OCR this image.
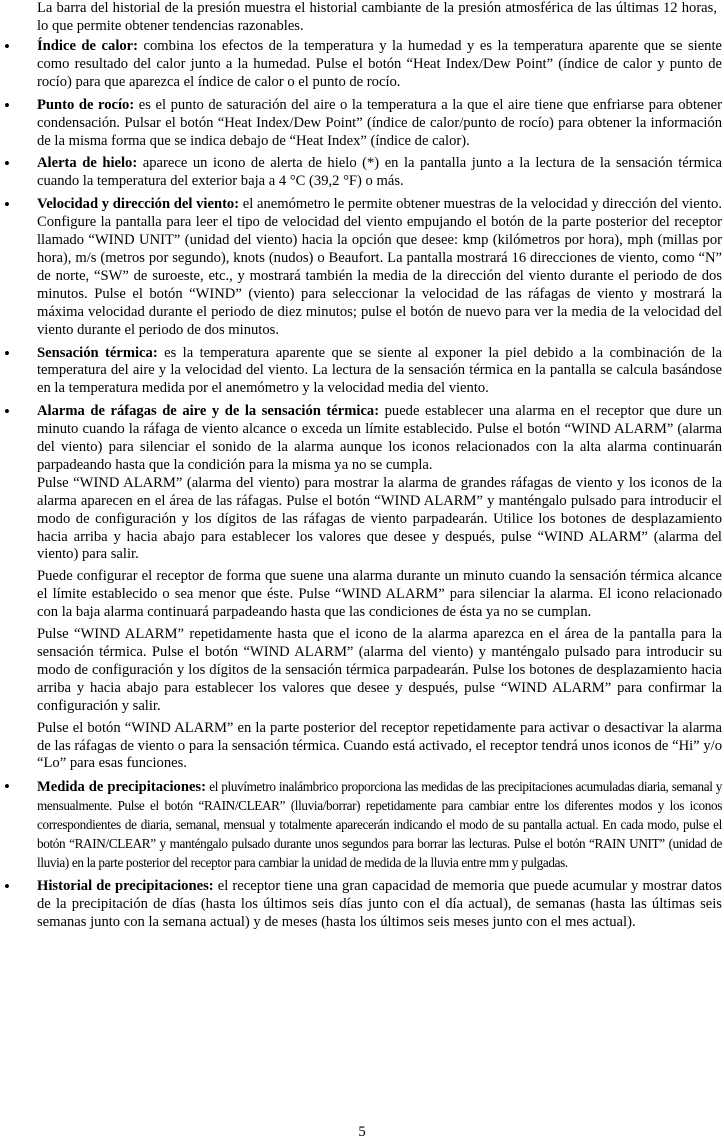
La barra del historial de la presión muestra el historial cambiante de la presión atmosférica de las últimas 12 horas, lo que permite obtener tendencias razonables.

• Índice de calor: combina los efectos de la temperatura y la humedad y es la temperatura aparente que se siente como resultado del calor junto a la humedad. Pulse el botón “Heat Index/Dew Point” (índice de calor y punto de rocío) para que aparezca el índice de calor o el punto de rocío.

• Punto de rocío: es el punto de saturación del aire o la temperatura a la que el aire tiene que enfriarse para obtener condensación. Pulsar el botón “Heat Index/Dew Point” (índice de calor/punto de rocío) para obtener la información de la misma forma que se indica debajo de “Heat Index” (índice de calor).

• Alerta de hielo: aparece un icono de alerta de hielo (*) en la pantalla junto a la lectura de la sensación térmica cuando la temperatura del exterior baja a 4 °C (39,2 °F) o más.

• Velocidad y dirección del viento: el anemómetro le permite obtener muestras de la velocidad y dirección del viento. Configure la pantalla para leer el tipo de velocidad del viento empujando el botón de la parte posterior del receptor llamado “WIND UNIT” (unidad del viento) hacia la opción que desee: kmp (kilómetros por hora), mph (millas por hora), m/s (metros por segundo), knots (nudos) o Beaufort. La pantalla mostrará 16 direcciones de viento, como “N” de norte, “SW” de suroeste, etc., y mostrará también la media de la dirección del viento durante el periodo de dos minutos. Pulse el botón “WIND” (viento) para seleccionar la velocidad de las ráfagas de viento y mostrará la máxima velocidad durante el periodo de diez minutos; pulse el botón de nuevo para ver la media de la velocidad del viento durante el periodo de dos minutos.

• Sensación térmica: es la temperatura aparente que se siente al exponer la piel debido a la combinación de la temperatura del aire y la velocidad del viento. La lectura de la sensación térmica en la pantalla se calcula basándose en la temperatura medida por el anemómetro y la velocidad media del viento.

• Alarma de ráfagas de aire y de la sensación térmica: puede establecer una alarma en el receptor que dure un minuto cuando la ráfaga de viento alcance o exceda un límite establecido. Pulse el botón “WIND ALARM” (alarma del viento) para silenciar el sonido de la alarma aunque los iconos relacionados con la alta alarma continuarán parpadeando hasta que la condición para la misma ya no se cumpla.

Pulse “WIND ALARM” (alarma del viento) para mostrar la alarma de grandes ráfagas de viento y los iconos de la alarma aparecen en el área de las ráfagas. Pulse el botón “WIND ALARM” y manténgalo pulsado para introducir el modo de configuración y los dígitos de las ráfagas de viento parpadearán. Utilice los botones de desplazamiento hacia arriba y hacia abajo para establecer los valores que desee y después, pulse “WIND ALARM” (alarma del viento) para salir.

Puede configurar el receptor de forma que suene una alarma durante un minuto cuando la sensación térmica alcance el límite establecido o sea menor que éste. Pulse “WIND ALARM” para silenciar la alarma. El icono relacionado con la baja alarma continuará parpadeando hasta que las condiciones de ésta ya no se cumplan.

Pulse “WIND ALARM” repetidamente hasta que el icono de la alarma aparezca en el área de la pantalla para la sensación térmica. Pulse el botón “WIND ALARM” (alarma del viento) y manténgalo pulsado para introducir su modo de configuración y los dígitos de la sensación térmica parpadearán. Pulse los botones de desplazamiento hacia arriba y hacia abajo para establecer los valores que desee y después, pulse “WIND ALARM” para confirmar la configuración y salir.

Pulse el botón “WIND ALARM” en la parte posterior del receptor repetidamente para activar o desactivar la alarma de las ráfagas de viento o para la sensación térmica. Cuando está activado, el receptor tendrá unos iconos de “Hi” y/o “Lo” para esas funciones.

• Medida de precipitaciones: el pluvímetro inalámbrico proporciona las medidas de las precipitaciones acumuladas diaria, semanal y mensualmente. Pulse el botón “RAIN/CLEAR” (lluvia/borrar) repetidamente para cambiar entre los diferentes modos y los iconos correspondientes de diaria, semanal, mensual y totalmente aparecerán indicando el modo de su pantalla actual. En cada modo, pulse el botón “RAIN/CLEAR” y manténgalo pulsado durante unos segundos para borrar las lecturas. Pulse el botón “RAIN UNIT” (unidad de lluvia) en la parte posterior del receptor para cambiar la unidad de medida de la lluvia entre mm y pulgadas.

• Historial de precipitaciones: el receptor tiene una gran capacidad de memoria que puede acumular y mostrar datos de la precipitación de días (hasta los últimos seis días junto con el día actual), de semanas (hasta las últimas seis semanas junto con la semana actual) y de meses (hasta los últimos seis meses junto con el mes actual).

5
